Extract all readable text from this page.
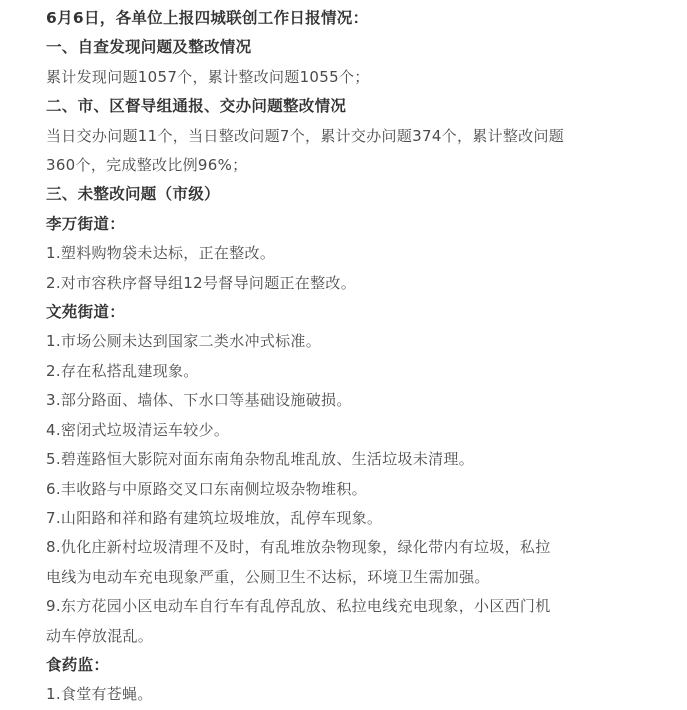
6月6日，各单位上报四城联创工作日报情况：
一、自查发现问题及整改情况
累计发现问题1057个，累计整改问题1055个；
二、市、区督导组通报、交办问题整改情况
当日交办问题11个，当日整改问题7个，累计交办问题374个，累计整改问题
360个，完成整改比例96%；
三、未整改问题（市级）
李万街道：
1.塑料购物袋未达标，正在整改。
2.对市容秩序督导组12号督导问题正在整改。
文苑街道：
1.市场公厕未达到国家二类水冲式标准。
2.存在私搭乱建现象。
3.部分路面、墙体、下水口等基础设施破损。
4.密闭式垃圾清运车较少。
5.碧莲路恒大影院对面东南角杂物乱堆乱放、生活垃圾未清理。
6.丰收路与中原路交叉口东南侧垃圾杂物堆积。
7.山阳路和祥和路有建筑垃圾堆放，乱停车现象。
8.仇化庄新村垃圾清理不及时，有乱堆放杂物现象，绿化带内有垃圾，私拉
电线为电动车充电现象严重，公厕卫生不达标，环境卫生需加强。
9.东方花园小区电动车自行车有乱停乱放、私拉电线充电现象，小区西门机
动车停放混乱。
食药监：
1.食堂有苍蝇。
